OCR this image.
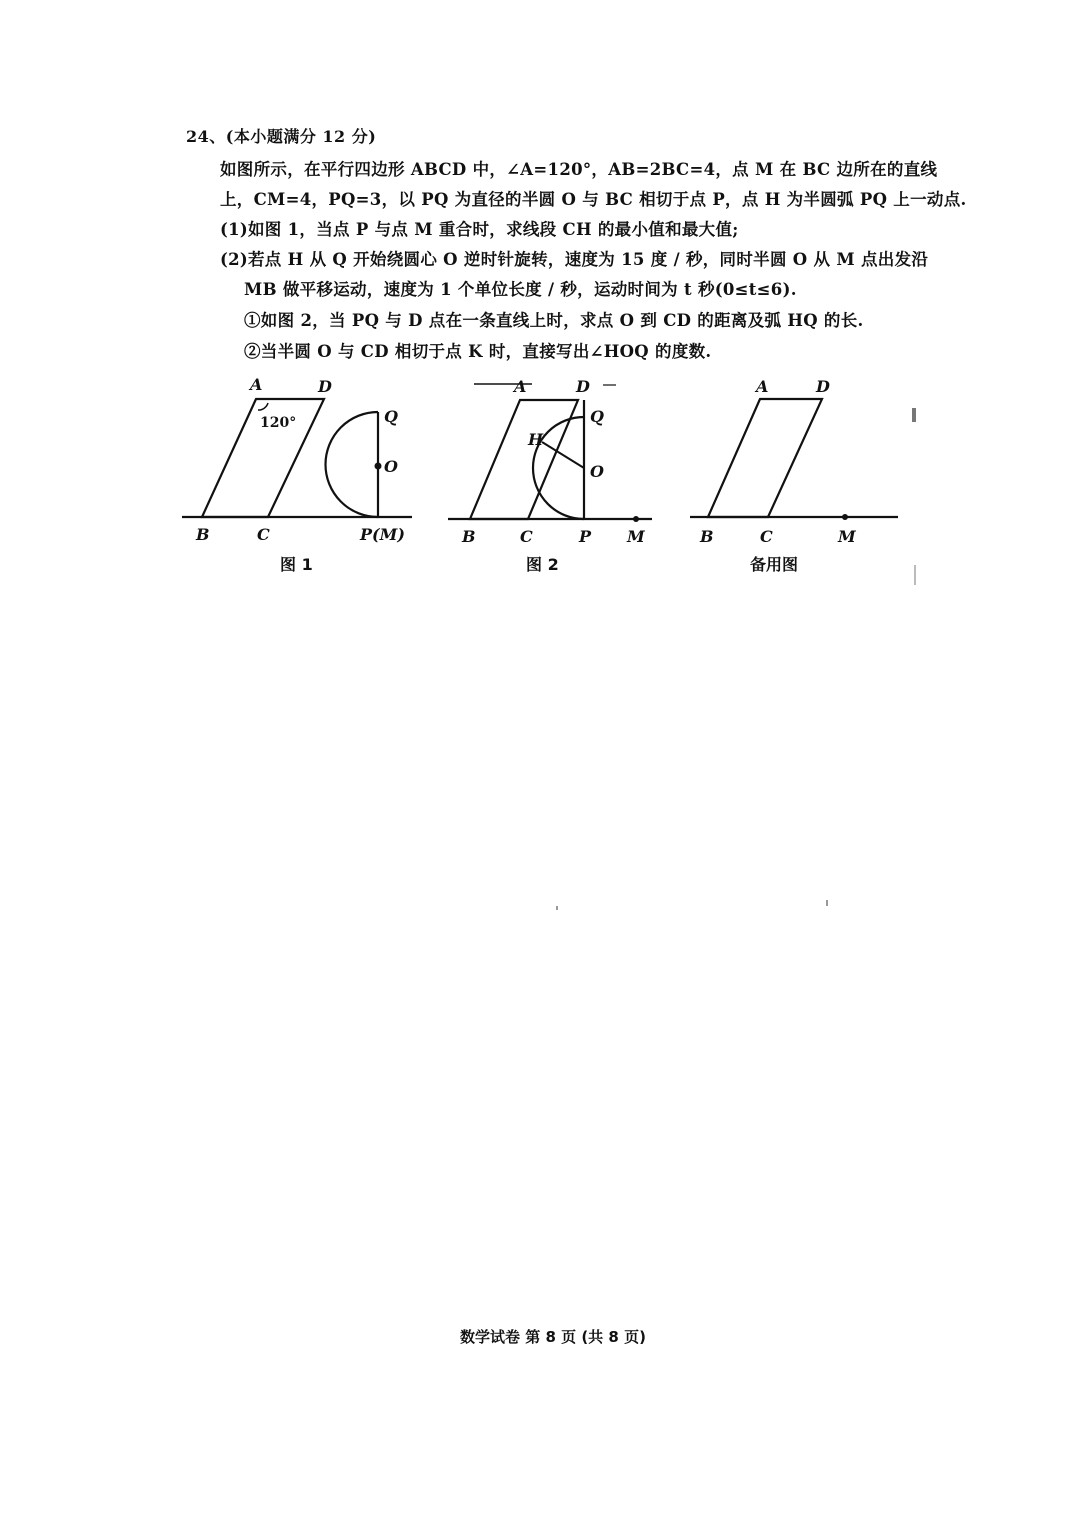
24、(本小题满分 12 分)
如图所示，在平行四边形 ABCD 中，∠A=120°，AB=2BC=4，点 M 在 BC 边所在的直线
上，CM=4，PQ=3，以 PQ 为直径的半圆 O 与 BC 相切于点 P，点 H 为半圆弧 PQ 上一动点.
(1)如图 1，当点 P 与点 M 重合时，求线段 CH 的最小值和最大值;
(2)若点 H 从 Q 开始绕圆心 O 逆时针旋转，速度为 15 度 / 秒，同时半圆 O 从 M 点出发沿
MB 做平移运动，速度为 1 个单位长度 / 秒，运动时间为 t 秒(0≤t≤6).
①如图 2，当 PQ 与 D 点在一条直线上时，求点 O 到 CD 的距离及弧 HQ 的长.
②当半圆 O 与 CD 相切于点 K 时，直接写出∠HOQ 的度数.
A	D
120°	Q
O
B	C	P(M)
图 1
A	D
Q
H
O
B	C	P M
图 2
A	D
B	C	M
备用图
数学试卷 第 8 页 (共 8 页)
